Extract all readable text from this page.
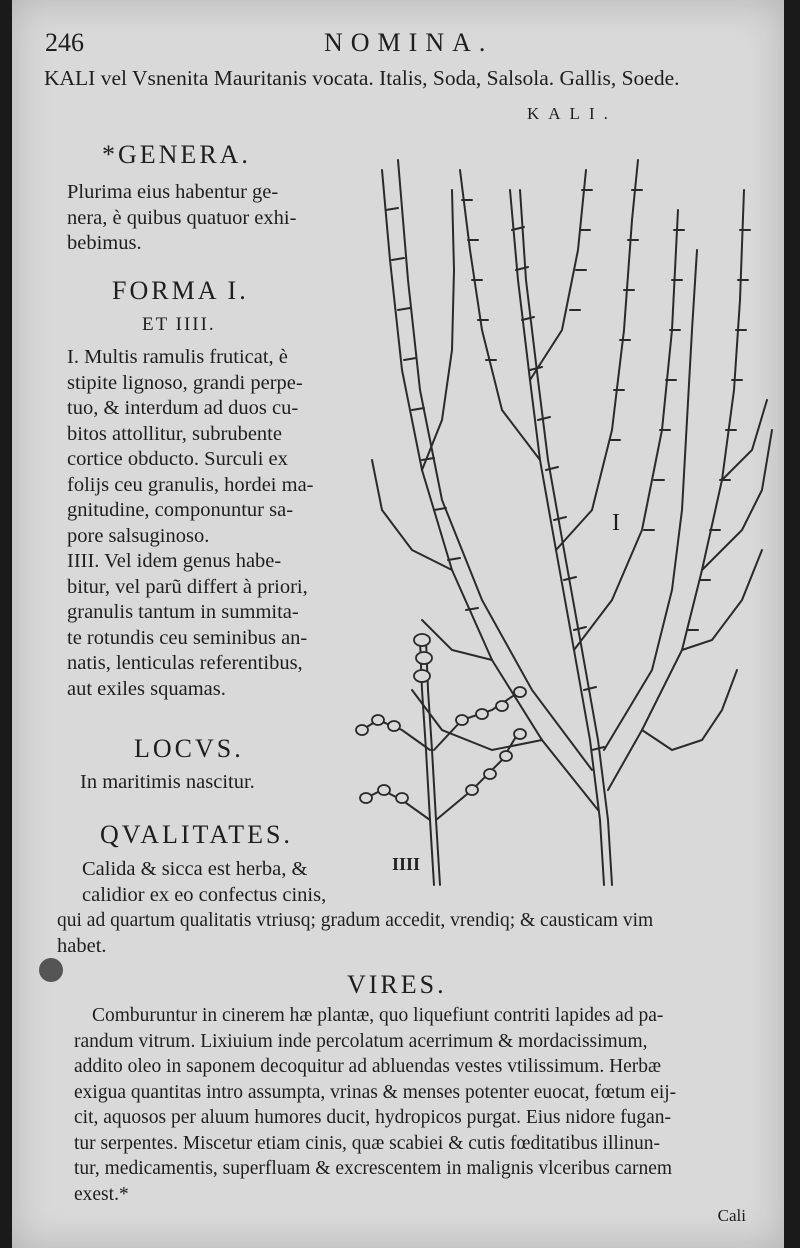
246	NOMINA.
KALI vel Vsnenita Mauritanis vocata. Italis, Soda, Salsola. Gallis, Soede.
KALI.
*GENERA.
Plurima eius habentur ge-
nera, è quibus quatuor exhi-
bebimus.
FORMA I.
ET IIII.
I. Multis ramulis fruticat, è
stipite lignoso, grandi perpe-
tuo, & interdum ad duos cu-
bitos attollitur, subrubente
cortice obducto. Surculi ex
folijs ceu granulis, hordei ma-
gnitudine, componuntur sa-
pore salsuginoso.
IIII. Vel idem genus habe-
bitur, vel parũ differt à priori,
granulis tantum in summita-
te rotundis ceu seminibus an-
natis, lenticulas referentibus,
aut exiles squamas.
LOCVS.
In maritimis nascitur.
QVALITATES.
Calida & sicca est herba, &
calidior ex eo confectus cinis,
qui ad quartum qualitatis vtriusq; gradum accedit, vrendiq; & causticam vim
habet.
VIRES.
Comburuntur in cinerem hæ plantæ, quo liquefiunt contriti lapides ad pa-
randum vitrum. Lixiuium inde percolatum acerrimum & mordacissimum,
addito oleo in saponem decoquitur ad abluendas vestes vtilissimum. Herbæ
exigua quantitas intro assumpta, vrinas & menses potenter euocat, fœtum eij-
cit, aquosos per aluum humores ducit, hydropicos purgat. Eius nidore fugan-
tur serpentes. Miscetur etiam cinis, quæ scabiei & cutis fœditatibus illinun-
tur, medicamentis, superfluam & excrescentem in malignis vlceribus carnem
exest.*
Cali
I
IIII
